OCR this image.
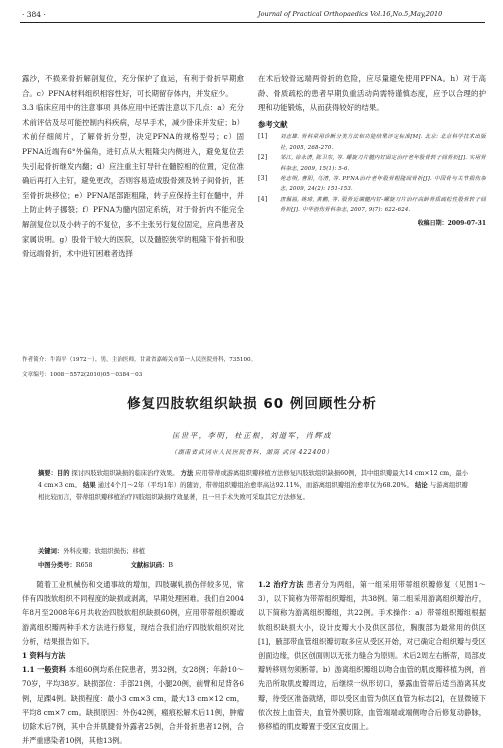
· 384 ·	Journal of Practical Orthopaedics Vol.16,No.5,May,2010

露沙，不损来骨折解剖复位，充分保护了血运，有利于骨折早期愈合。c）PFNA材料组织相容性好，可长期留存体内，并发症少。

3.3 临床应用中的注意事项 具体应用中还需注意以下几点：a）充分术前评估及尽可能控制内科疾病，尽早手术，减少卧床并发症；b）术前仔细阅片，了解骨折分型，决定PFNA的规格型号；c）固PFNA近端有6°外偏角，进钉点从大粗隆尖内侧进入，避免复位丢失引起骨折继发内翻；d）应注重主钉导针在髓腔相的位置，定位准确后再打入主钉，避免更改，否则容易造成股骨颈及转子间骨折，甚至骨折块移位；e）PFNA尾部距粗隆，转子应保持主钉在髓中，并上防止转子挪裂；f）PFNA为髓内固定系统，对于骨折内不能完全解剖复位以及小转子的不复位，多不主张另行复位固定，应尚患者及家属说明。g）股骨干较大的医院，以及髓腔狭窄的粗隆下骨折和股骨远端骨折，术中进钉困难者选择

在术后较骨远端两骨折的危险，应尽量避免使用PFNA。h）对于高龄、骨质疏松的患者早期负重活动尚需特谨慎态度，应予以合理的护理和功能锻炼，从而获得较好的结果。

参考文献
[1]	刘志雄. 骨科常用诊断分类方法和功能结果评定标准[M]. 北京: 北京科学技术出版社, 2005, 268-270.
[2]	邹江, 徐永清, 陈卫东, 等. 螺旋刀片髓内钉固定治疗老年股骨转子间骨折[J]. 实用骨科杂志, 2009, 15(1): 5-6.
[3]	苑志明, 曹阳, 乌清, 等. PFNA治疗老年股骨粗隆间骨折[J]. 中国骨与关节损伤杂志, 2009, 24(2): 151-153.
[4]	唐佩福, 姚琦, 黄鹏, 等. 股骨近端髓内钉-螺旋刀片治疗高龄骨质疏松性股骨转子间骨折[J]. 中华创伤骨科杂志, 2007, 9(7): 622-624.
收稿日期：2009-07-31
作者简介：牛海平（1972－），男，主治医师，甘肃省嘉峪关市第一人民医院骨科，735100。
文章编号：1008－5572(2010)05－0384－03
修复四肢软组织缺损 60 例回顾性分析
匡世平，李明，杜正根，刘道军，肖辉成
（湖南省武冈市人民医院骨科，湖南 武冈 422400）
摘要：目的 探讨四肢软组织缺损的临床治疗效果。 方法 应用带蒂或游离组织瓣移植方法修复四肢软组织缺损60例，其中组织瓣最大14 cm×12 cm，最小4 cm×3 cm。 结果 通过4个月～2年（平均1年）的随访，带蒂组织瓣组治愈率高达92.11%，而游离组织瓣组治愈率仅为68.20%。 结论 与游离组织瓣相比较而言，带蒂组织瓣移植治疗四肢组织缺损疗效显著，且一旦手术失败可采取其它方法修复。
关键词：外科皮瓣；软组织损伤；移植
中图分类号：R658	文献标识码：B

随着工业机械伤和交通事故的增加，四肢碾轧损伤伴较多见，常伴有四肢软组织不同程度的缺损或剥离，早期处理困难。我们自2004年8月至2008年6月共收治四肢软组织缺损60例，应用带蒂组织瓣或游离组织瓣两种手术方法进行修复，现结合我们治疗四肢软组织对比分析，结果报告如下。

1 资料与方法

1.1 一般资料 本组60例均系住院患者，男32例，女28例；年龄10～70岁，平均38岁。缺损部位：手部21例，小腿20例，前臂和足背各6例，足踝4例。缺损程度：最小3 cm×3 cm，最大13 cm×12 cm，平均8 cm×7 cm。缺损原因：外伤42例，瘢痕松解术后11例，肿瘤切除术后7例，其中合并肌腱骨外露者25例，合并骨折患者12例，合并严重感染者10例，其他13例。

1.2 治疗方法 患者分为两组，第一组采用带蒂组织瓣修复（见图1～3），以下简称为带蒂组织瓣组，共38例。第二组采用游离组织瓣治疗，以下简称为游离组织瓣组，共22例。手术操作：a）带蒂组织瓣组根据软组织缺损大小，设计皮瓣大小及供区部位，胸腹部为最常用的供区[1]，腋部带血管组织瓣切取多应从受区开始，对已确定合组织瓣与受区创面边缘，供区创面则以无张力缝合为原则。术后2周左右断蒂，局部皮瓣转移则勿须断蒂。b）游离组织瓣组以吻合血管的肌皮瓣移植为例，首先沿所取肌皮瓣周边，后继续一纵形切口，暴露血管蒂后适当游离其皮瓣，待受区准备就绪，即以受区血管为供区血管为标志[2]，在显微镜下依次按上血管夫，血管外膜切除，血管端端或端侧吻合后修复动静脉，修移植的肌皮瓣置于受区宜皮面上。
